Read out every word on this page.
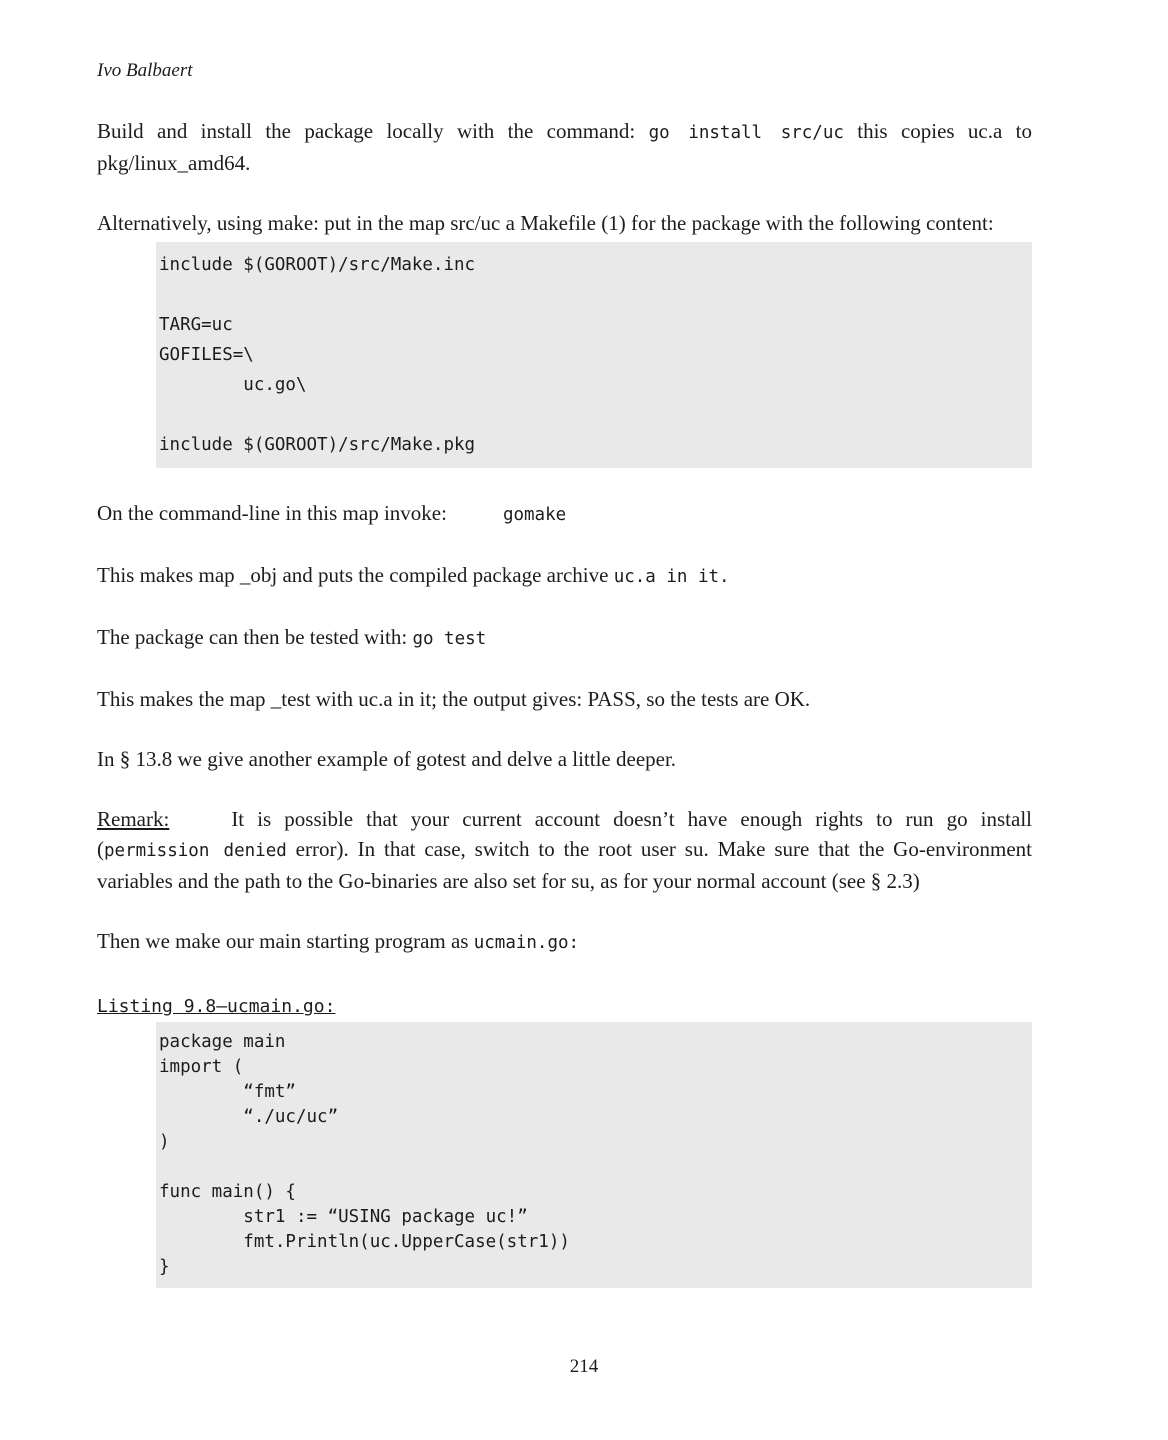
Ivo Balbaert

Build and install the package locally with the command: go install src/uc this copies uc.a to pkg/linux_amd64.

Alternatively, using make: put in the map src/uc a Makefile (1) for the package with the following content:

include $(GOROOT)/src/Make.inc
TARG=uc
GOFILES=\
uc.go\
include $(GOROOT)/src/Make.pkg

On the command-line in this map invoke:	gomake

This makes map _obj and puts the compiled package archive uc.a in it.

The package can then be tested with: go test

This makes the map _test with uc.a in it; the output gives: PASS, so the tests are OK.

In § 13.8 we give another example of gotest and delve a little deeper.

Remark:	It is possible that your current account doesn’t have enough rights to run go install (permission denied error). In that case, switch to the root user su. Make sure that the Go-environment variables and the path to the Go-binaries are also set for su, as for your normal account (see § 2.3)

Then we make our main starting program as ucmain.go:

Listing 9.8—ucmain.go:
package main
import (
“fmt”
“./uc/uc”
)
func main() {
str1 := “USING package uc!”
fmt.Println(uc.UpperCase(str1))
}
214
